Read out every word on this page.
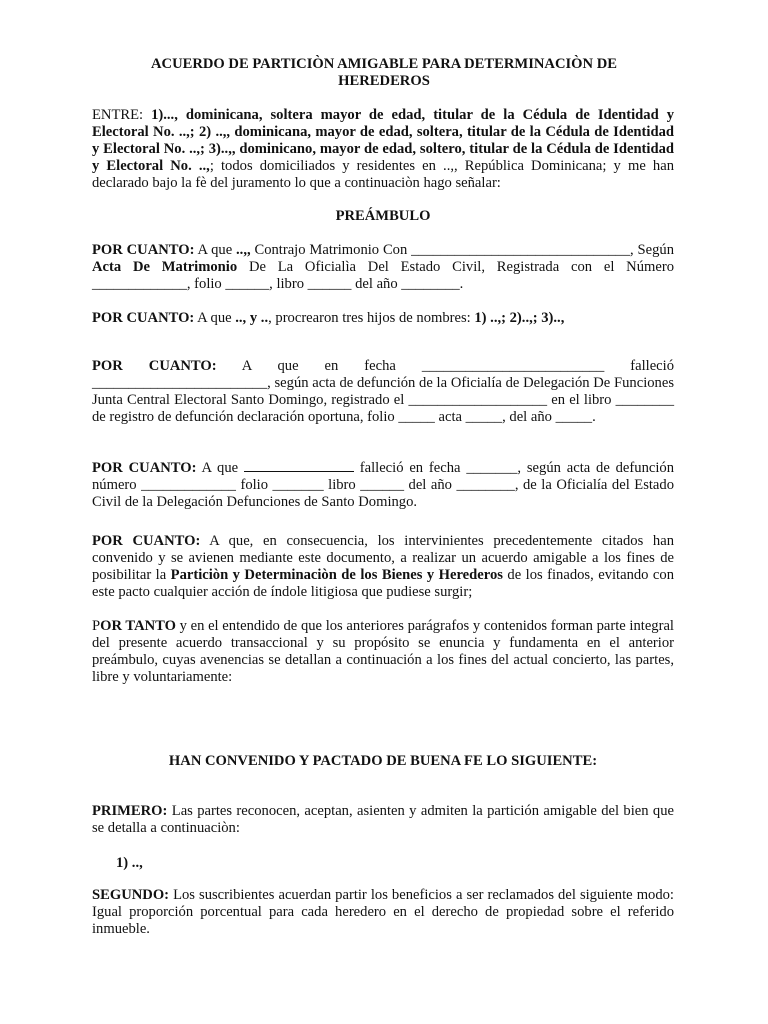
ACUERDO DE PARTICIÒN AMIGABLE PARA DETERMINACIÒN DE
HEREDEROS

ENTRE: 1)..., dominicana, soltera mayor de edad, titular de la Cédula de Identidad y Electoral No. ..,; 2) ..,, dominicana, mayor de edad, soltera, titular de la Cédula de Identidad y Electoral No. ..,; 3)..,, dominicano, mayor de edad, soltero, titular de la Cédula de Identidad y Electoral No. ..,; todos domiciliados y residentes en ..,, República Dominicana; y me han declarado bajo la fè del juramento lo que a continuaciòn hago señalar:

PREÁMBULO

POR CUANTO: A que ..,, Contrajo Matrimonio Con ______________________________, Según Acta De Matrimonio De La Oficialìa Del Estado Civil, Registrada con el Número _____________, folio ______, libro ______ del año ________.

POR CUANTO: A que .., y .., procrearon tres hijos de nombres: 1) ..,; 2)..,; 3)..,

POR CUANTO: A que en fecha _________________________ falleció ________________________, según acta de defunción de la Oficialía de Delegación De Funciones Junta Central Electoral Santo Domingo, registrado el ___________________ en el libro ________ de registro de defunción declaración oportuna, folio _____ acta _____, del año _____.

POR CUANTO: A que	falleció en fecha _______, según acta de defunción número _____________ folio _______ libro ______ del año ________, de la Oficialía del Estado Civil de la Delegación Defunciones de Santo Domingo.

POR CUANTO: A que, en consecuencia, los intervinientes precedentemente citados han convenido y se avienen mediante este documento, a realizar un acuerdo amigable a los fines de posibilitar la Particiòn y Determinaciòn de los Bienes y Herederos de los finados, evitando con este pacto cualquier acción de índole litigiosa que pudiese surgir;

POR TANTO y en el entendido de que los anteriores parágrafos y contenidos forman parte integral del presente acuerdo transaccional y su propósito se enuncia y fundamenta en el anterior preámbulo, cuyas avenencias se detallan a continuación a los fines del actual concierto, las partes, libre y voluntariamente:

HAN CONVENIDO Y PACTADO DE BUENA FE LO SIGUIENTE:

PRIMERO: Las partes reconocen, aceptan, asienten y admiten la partición amigable del bien que se detalla a continuaciòn:

1) ..,

SEGUNDO: Los suscribientes acuerdan partir los beneficios a ser reclamados del siguiente modo: Igual proporción porcentual para cada heredero en el derecho de propiedad sobre el referido inmueble.
